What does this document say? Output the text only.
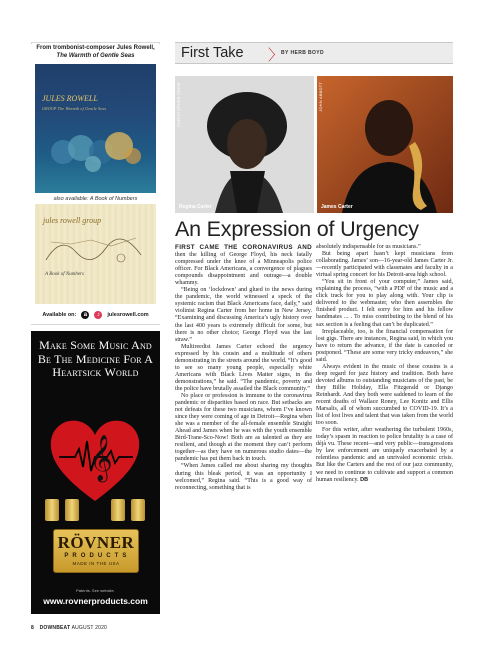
From trombonist-composer Jules Rowell,
The Warmth of Gentle Seas
JULES ROWELL
GROUP The Warmth of Gentle Seas
also available: A Book of Numbers
jules rowell group
A Book of Numbers
Available on:	a	♪	julesrowell.com
Make Some Music And Be The Medicine For A Heartsick World
𝄞
RÖVNER
P R O D U C T S
MADE IN THE USA
Patents. See website.
www.rovnerproducts.com
First Take 〉
BY HERB BOYD
CHRISTOPHER DREW
Regina Carter
JOHN ABBOTT
James Carter
An Expression of Urgency

FIRST CAME THE CORONAVIRUS AND then the killing of George Floyd, his neck fatally compressed under the knee of a Minneapolis police officer. For Black Americans, a convergence of plagues compounds disappointment and outrage—a double whammy.

“Being on ‘lockdown’ and glued to the news during the pandemic, the world witnessed a speck of the systemic racism that Black Americans face, daily,” said violinist Regina Carter from her home in New Jersey. “Examining and discussing America’s ugly history over the last 400 years is extremely difficult for some, but there is no other choice; George Floyd was the last straw.”

Multireedist James Carter echoed the urgency expressed by his cousin and a multitude of others demonstrating in the streets around the world. “It’s good to see so many young people, especially white Americans with Black Lives Matter signs, in the demonstrations,” he said. “The pandemic, poverty and the police have brutally assailed the Black community.”

No place or profession is immune to the coronavirus pandemic or disparities based on race. But setbacks are not defeats for these two musicians, whom I’ve known since they were coming of age in Detroit—Regina when she was a member of the all-female ensemble Straight Ahead and James when he was with the youth ensemble Bird-Trane-Sco-Now! Both are as talented as they are resilient, and though at the moment they can’t perform together—as they have on numerous studio dates—the pandemic has put them back in touch.

“When James called me about sharing my thoughts during this bleak period, it was an opportunity I welcomed,” Regina said. “This is a good way of reconnecting, something that is

absolutely indispensable for us musicians.”

But being apart hasn’t kept musicians from collaborating. James’ son—16-year-old James Carter Jr.—recently participated with classmates and faculty in a virtual spring concert for his Detroit-area high school.

“You sit in front of your computer,” James said, explaining the process, “with a PDF of the music and a click track for you to play along with. Your clip is delivered to the webmaster, who then assembles the finished product. I felt sorry for him and his fellow bandmates ... . To miss contributing to the blend of his sax section is a feeling that can’t be duplicated.”

Irreplaceable, too, is the financial compensation for lost gigs. There are instances, Regina said, in which you have to return the advance, if the date is canceled or postponed. “These are some very tricky endeavors,” she said.

Always evident in the music of these cousins is a deep regard for jazz history and tradition. Both have devoted albums to outstanding musicians of the past, be they Billie Holiday, Ella Fitzgerald or Django Reinhardt. And they both were saddened to learn of the recent deaths of Wallace Roney, Lee Konitz and Ellis Marsalis, all of whom succumbed to COVID-19. It’s a list of lost lives and talent that was taken from the world too soon.

For this writer, after weathering the turbulent 1960s, today’s spasm in reaction to police brutality is a case of déjà vu. These recent—and very public—transgressions by law enforcement are uniquely exacerbated by a relentless pandemic and an unrivaled economic crisis. But like the Carters and the rest of our jazz community, we need to continue to cultivate and support a common human resiliency. DB

8 DOWNBEAT AUGUST 2020
